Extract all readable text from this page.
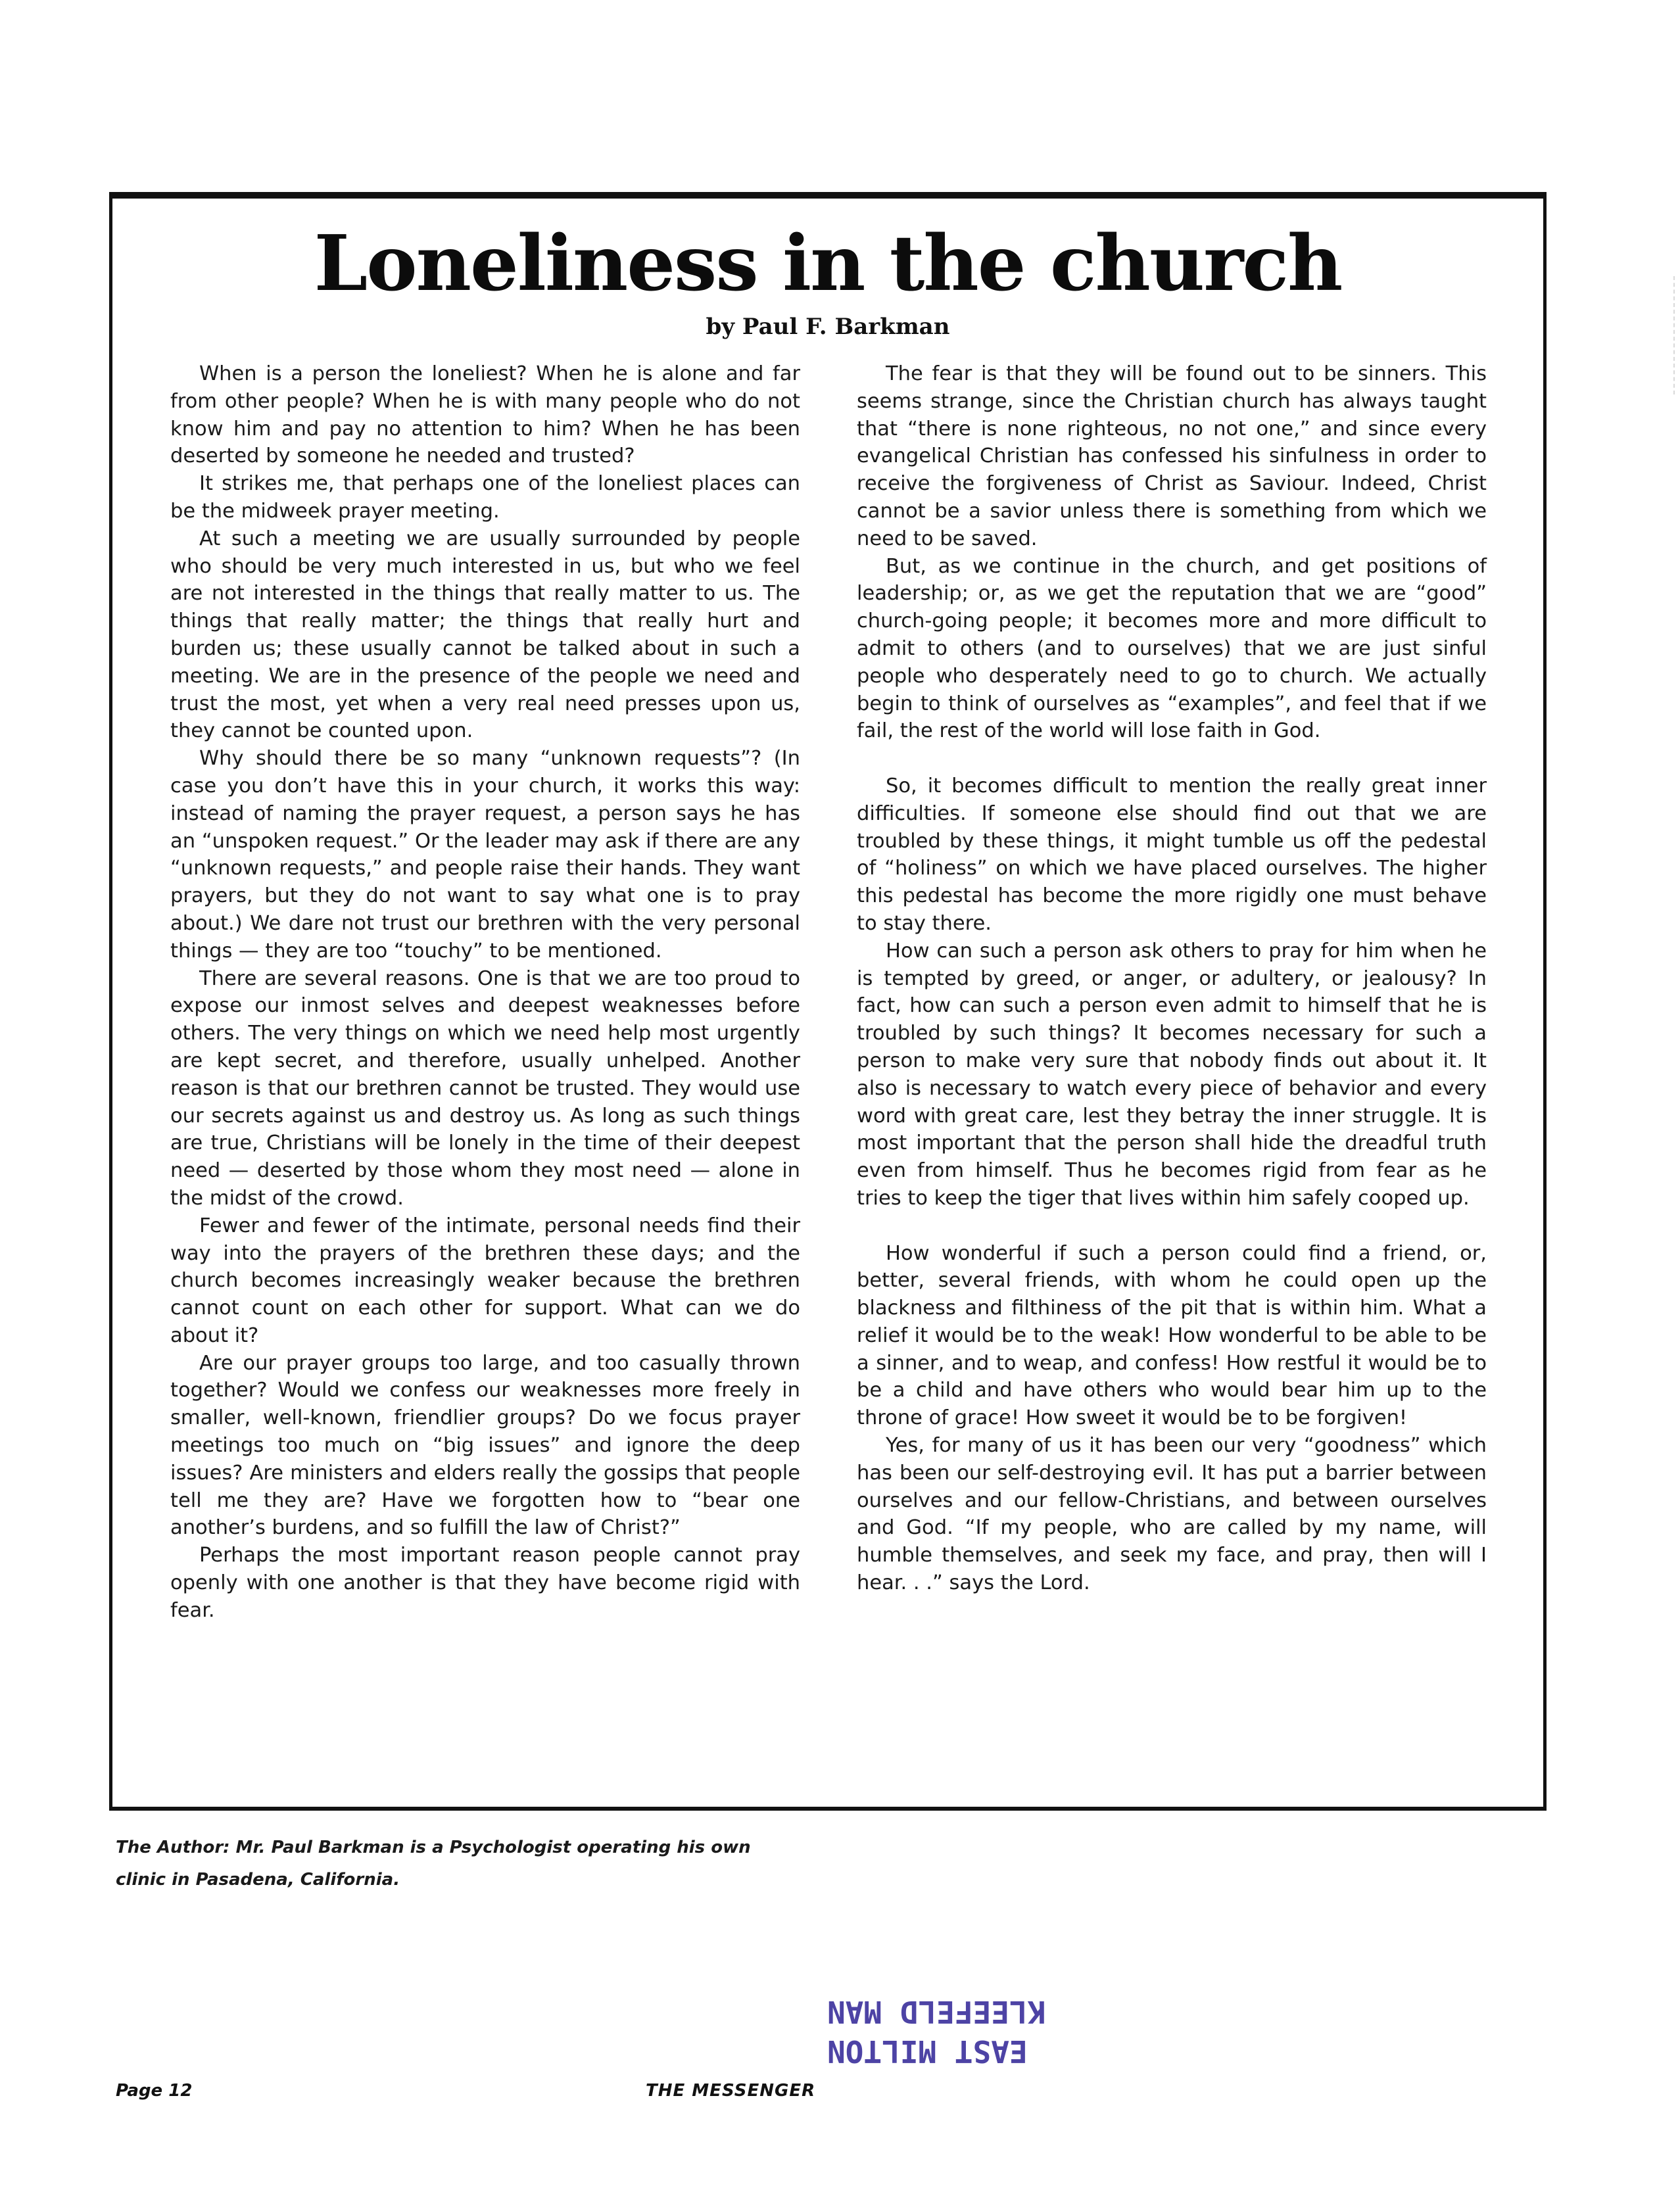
Loneliness in the church
by Paul F. Barkman

When is a person the loneliest? When he is alone and far from other people? When he is with many people who do not know him and pay no attention to him? When he has been deserted by someone he needed and trusted?

It strikes me, that perhaps one of the loneliest places can be the midweek prayer meeting.

At such a meeting we are usually surrounded by people who should be very much interested in us, but who we feel are not interested in the things that really matter to us. The things that really matter; the things that really hurt and burden us; these usually cannot be talked about in such a meeting. We are in the presence of the people we need and trust the most, yet when a very real need presses upon us, they cannot be counted upon.

Why should there be so many “unknown requests”? (In case you don’t have this in your church, it works this way: instead of naming the prayer request, a person says he has an “unspoken request.” Or the leader may ask if there are any “unknown requests,” and people raise their hands. They want prayers, but they do not want to say what one is to pray about.) We dare not trust our brethren with the very personal things — they are too “touchy” to be mentioned.

There are several reasons. One is that we are too proud to expose our inmost selves and deepest weaknesses before others. The very things on which we need help most urgently are kept secret, and therefore, usually unhelped. Another reason is that our brethren cannot be trusted. They would use our secrets against us and destroy us. As long as such things are true, Christians will be lonely in the time of their deepest need — deserted by those whom they most need — alone in the midst of the crowd.

Fewer and fewer of the intimate, personal needs find their way into the prayers of the brethren these days; and the church becomes increasingly weaker because the brethren cannot count on each other for support. What can we do about it?

Are our prayer groups too large, and too casually thrown together? Would we confess our weaknesses more freely in smaller, well-known, friendlier groups? Do we focus prayer meetings too much on “big issues” and ignore the deep issues? Are ministers and elders really the gossips that people tell me they are? Have we forgotten how to “bear one another’s burdens, and so fulfill the law of Christ?”

Perhaps the most important reason people cannot pray openly with one another is that they have become rigid with fear.

The fear is that they will be found out to be sinners. This seems strange, since the Christian church has always taught that “there is none righteous, no not one,” and since every evangelical Christian has confessed his sinfulness in order to receive the forgiveness of Christ as Saviour. Indeed, Christ cannot be a savior unless there is something from which we need to be saved.

But, as we continue in the church, and get positions of leadership; or, as we get the reputation that we are “good” church-going people; it becomes more and more difficult to admit to others (and to ourselves) that we are just sinful people who desperately need to go to church. We actually begin to think of ourselves as “examples”, and feel that if we fail, the rest of the world will lose faith in God.

So, it becomes difficult to mention the really great inner difficulties. If someone else should find out that we are troubled by these things, it might tumble us off the pedestal of “holiness” on which we have placed ourselves. The higher this pedestal has become the more rigidly one must behave to stay there.

How can such a person ask others to pray for him when he is tempted by greed, or anger, or adultery, or jealousy? In fact, how can such a person even admit to himself that he is troubled by such things? It becomes necessary for such a person to make very sure that nobody finds out about it. It also is necessary to watch every piece of behavior and every word with great care, lest they betray the inner struggle. It is most important that the person shall hide the dreadful truth even from himself. Thus he becomes rigid from fear as he tries to keep the tiger that lives within him safely cooped up.

How wonderful if such a person could find a friend, or, better, several friends, with whom he could open up the blackness and filthiness of the pit that is within him. What a relief it would be to the weak! How wonderful to be able to be a sinner, and to weap, and confess! How restful it would be to be a child and have others who would bear him up to the throne of grace! How sweet it would be to be forgiven!

Yes, for many of us it has been our very “goodness” which has been our self-destroying evil. It has put a barrier between ourselves and our fellow-Christians, and between ourselves and God. “If my people, who are called by my name, will humble themselves, and seek my face, and pray, then will I hear. . .” says the Lord.

The Author: Mr. Paul Barkman is a Psychologist operating his own
clinic in Pasadena, California.
EAST MILTON
KLEEFELD MAN
Page 12	THE MESSENGER
